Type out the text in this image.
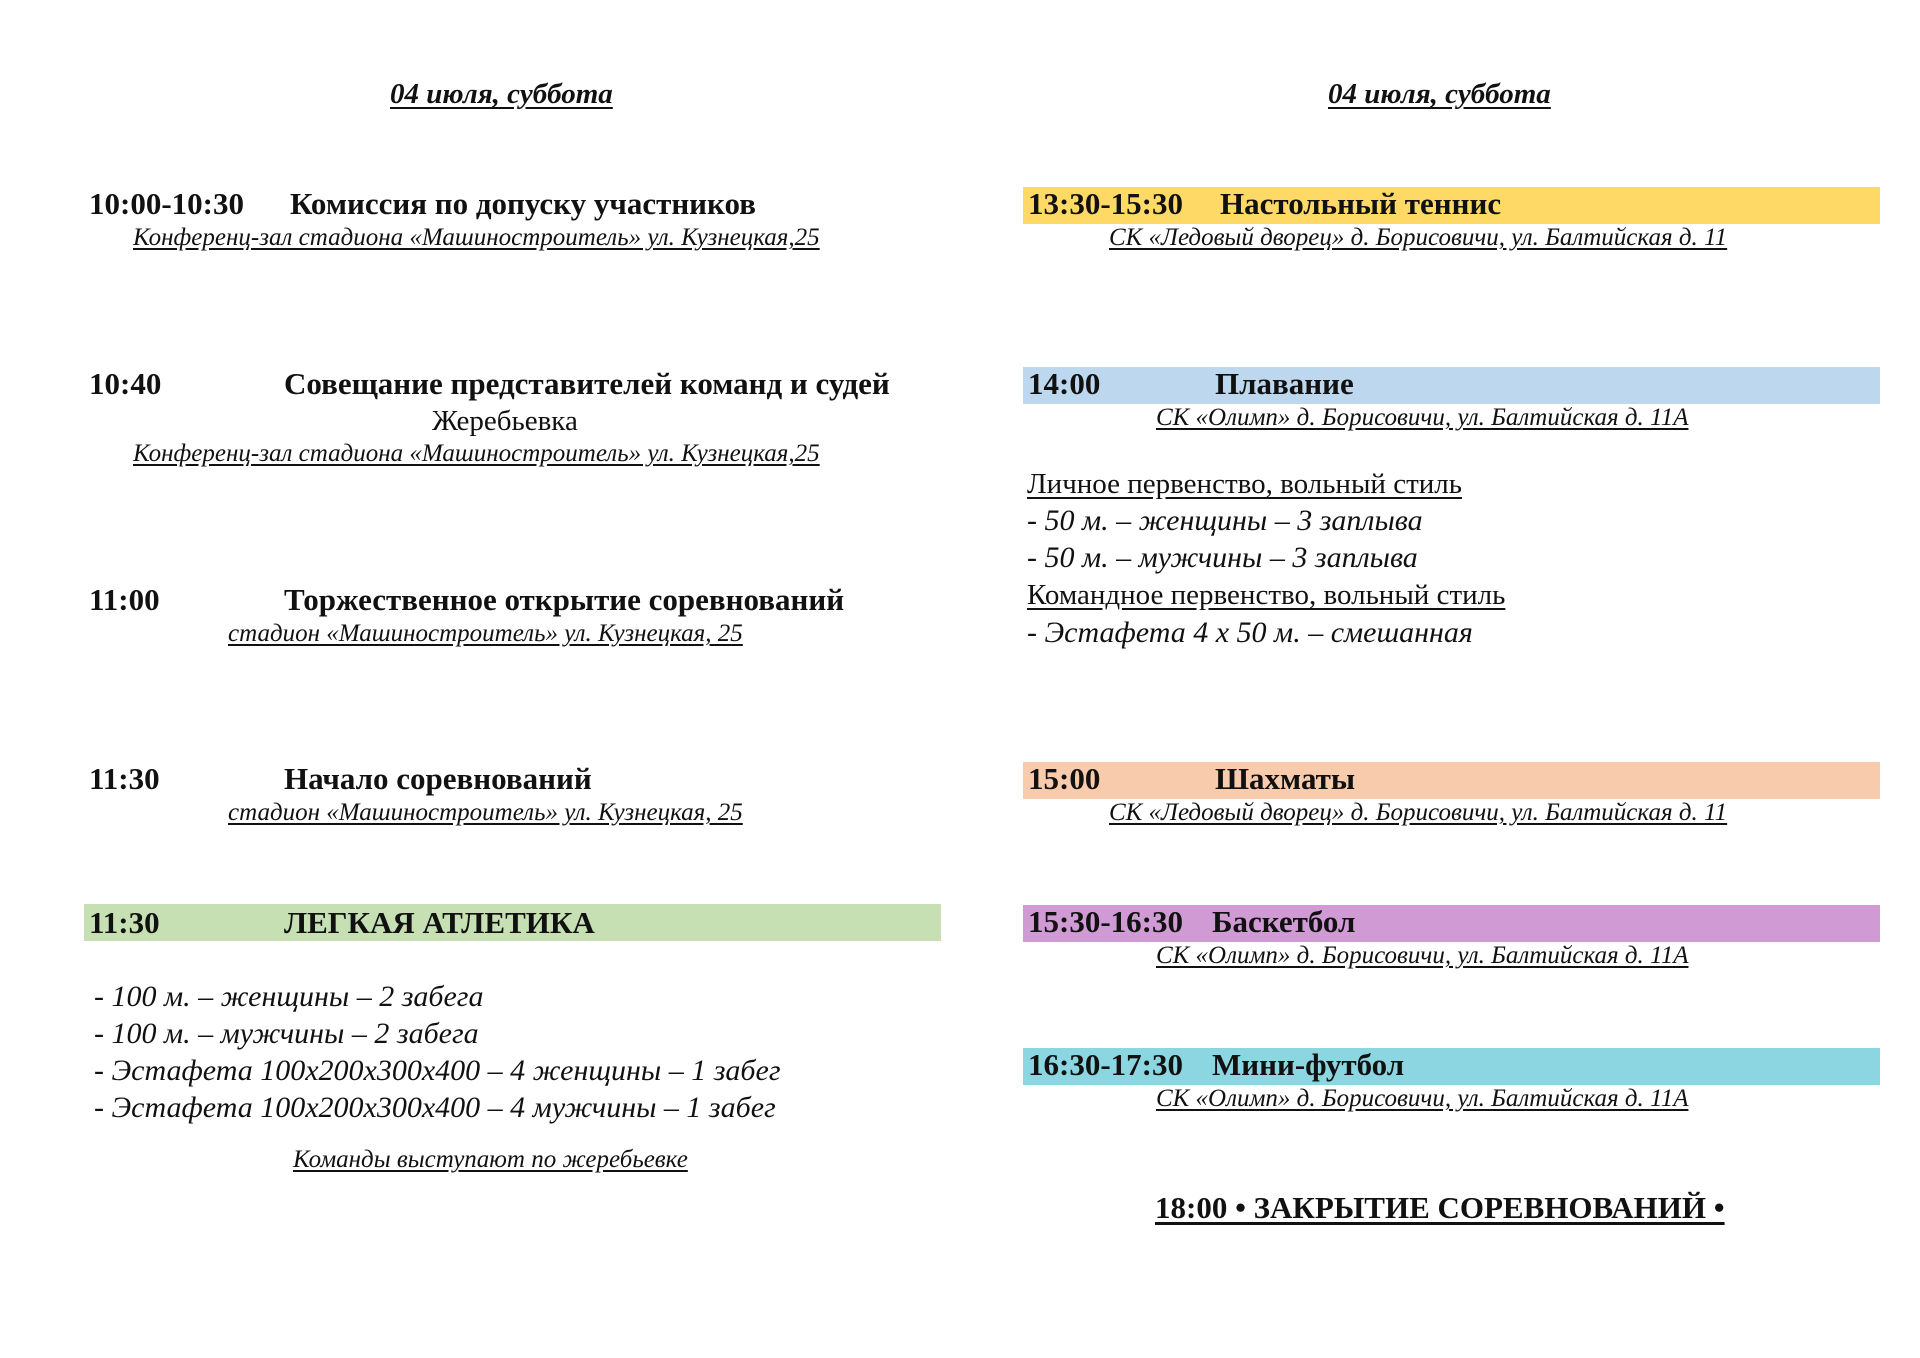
04 июля, суббота
10:00-10:30 Комиссия по допуску участников
Конференц-зал стадиона «Машиностроитель» ул. Кузнецкая,25
10:40	Совещание представителей команд и судей
Жеребьевка
Конференц-зал стадиона «Машиностроитель» ул. Кузнецкая,25
11:00	Торжественное открытие соревнований
стадион «Машиностроитель» ул. Кузнецкая, 25
11:30	Начало соревнований
стадион «Машиностроитель» ул. Кузнецкая, 25
11:30	ЛЕГКАЯ АТЛЕТИКА
- 100 м. – женщины – 2 забега
- 100 м. – мужчины – 2 забега
- Эстафета 100х200х300х400 – 4 женщины – 1 забег
- Эстафета 100х200х300х400 – 4 мужчины – 1 забег
Команды выступают по жеребьевке
04 июля, суббота
13:30-15:30 Настольный теннис
СК «Ледовый дворец» д. Борисовичи, ул. Балтийская д. 11
14:00	Плавание
СК «Олимп» д. Борисовичи, ул. Балтийская д. 11А
Личное первенство, вольный стиль
- 50 м. – женщины – 3 заплыва
- 50 м. – мужчины – 3 заплыва
Командное первенство, вольный стиль
- Эстафета 4 х 50 м. – смешанная
15:00	Шахматы
СК «Ледовый дворец» д. Борисовичи, ул. Балтийская д. 11
15:30-16:30 Баскетбол
СК «Олимп» д. Борисовичи, ул. Балтийская д. 11А
16:30-17:30 Мини-футбол
СК «Олимп» д. Борисовичи, ул. Балтийская д. 11А
18:00 • ЗАКРЫТИЕ СОРЕВНОВАНИЙ •
